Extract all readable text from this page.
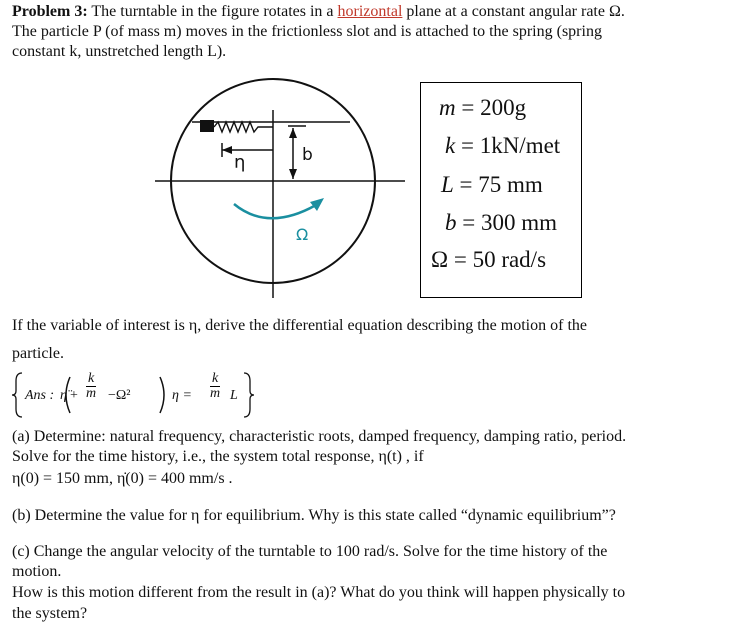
Problem 3: The turntable in the figure rotates in a horizontal plane at a constant angular rate Ω.
The particle P (of mass m) moves in the frictionless slot and is attached to the spring (spring
constant k, unstretched length L).
η	b
Ω
m = 200g
k = 1kN/met
L = 75 mm
b = 300 mm
Ω = 50 rad/s
If the variable of interest is η, derive the differential equation describing the motion of the
particle.
Ans : η̈ + $\frac{k}{m} -\Omega^2$	$\eta = \frac{k}{m}$ L
(a) Determine: natural frequency, characteristic roots, damped frequency, damping ratio, period.
Solve for the time history, i.e., the system total response, η(t) , if
η(0) = 150 mm, η̇(0) = 400 mm/s .
(b) Determine the value for η for equilibrium. Why is this state called “dynamic equilibrium”?
(c) Change the angular velocity of the turntable to 100 rad/s. Solve for the time history of the
motion.
How is this motion different from the result in (a)? What do you think will happen physically to
the system?
